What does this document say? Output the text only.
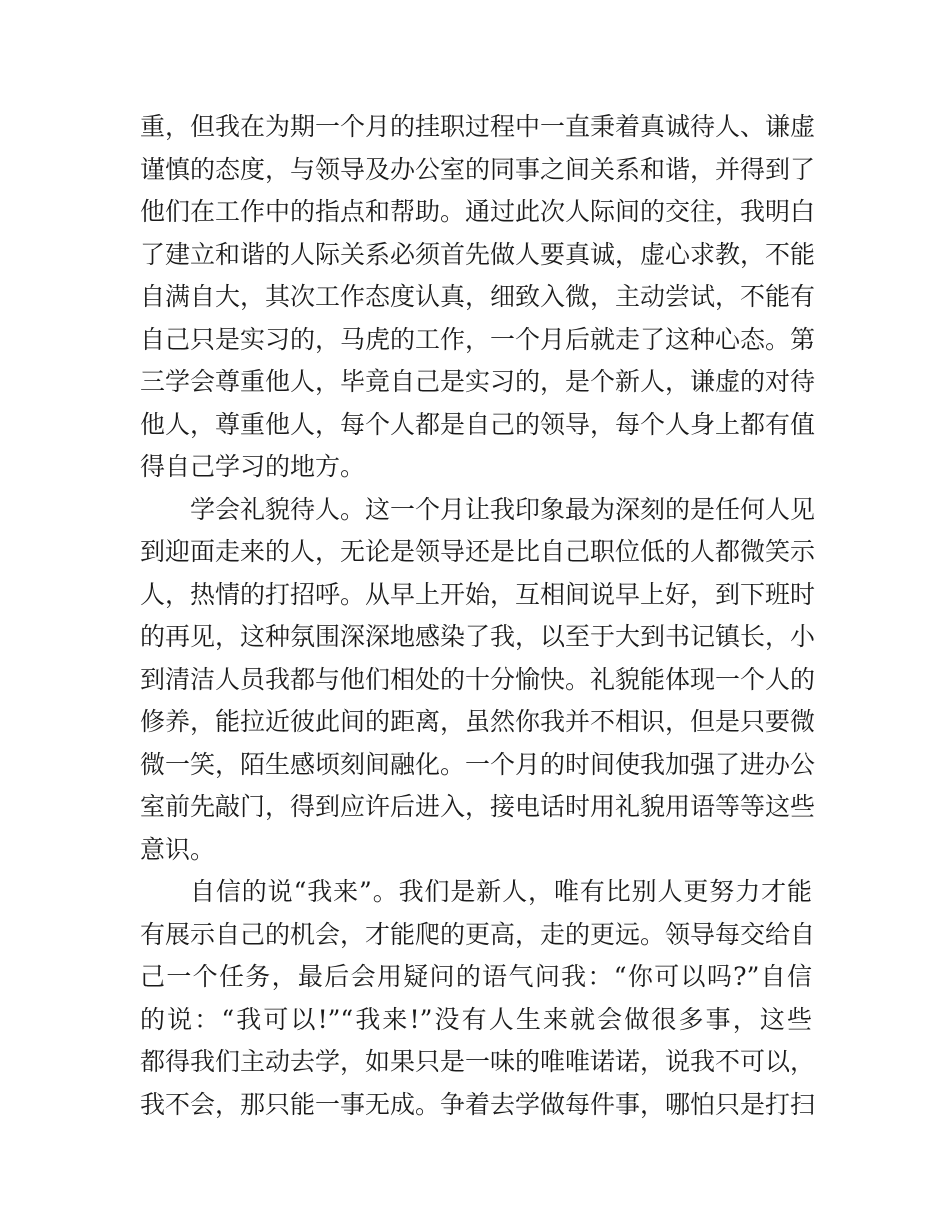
重，但我在为期一个月的挂职过程中一直秉着真诚待人、谦虚
谨慎的态度，与领导及办公室的同事之间关系和谐，并得到了
他们在工作中的指点和帮助。通过此次人际间的交往，我明白
了建立和谐的人际关系必须首先做人要真诚，虚心求教，不能
自满自大，其次工作态度认真，细致入微，主动尝试，不能有
自己只是实习的，马虎的工作，一个月后就走了这种心态。第
三学会尊重他人，毕竟自己是实习的，是个新人，谦虚的对待
他人，尊重他人，每个人都是自己的领导，每个人身上都有值
得自己学习的地方。
学会礼貌待人。这一个月让我印象最为深刻的是任何人见
到迎面走来的人，无论是领导还是比自己职位低的人都微笑示
人，热情的打招呼。从早上开始，互相间说早上好，到下班时
的再见，这种氛围深深地感染了我，以至于大到书记镇长，小
到清洁人员我都与他们相处的十分愉快。礼貌能体现一个人的
修养，能拉近彼此间的距离，虽然你我并不相识，但是只要微
微一笑，陌生感顷刻间融化。一个月的时间使我加强了进办公
室前先敲门，得到应许后进入，接电话时用礼貌用语等等这些
意识。
自信的说“我来”。我们是新人，唯有比别人更努力才能
有展示自己的机会，才能爬的更高，走的更远。领导每交给自
己一个任务，最后会用疑问的语气问我：“你可以吗?”自信
的说：“我可以!”“我来!”没有人生来就会做很多事，这些
都得我们主动去学，如果只是一味的唯唯诺诺，说我不可以，
我不会，那只能一事无成。争着去学做每件事，哪怕只是打扫
